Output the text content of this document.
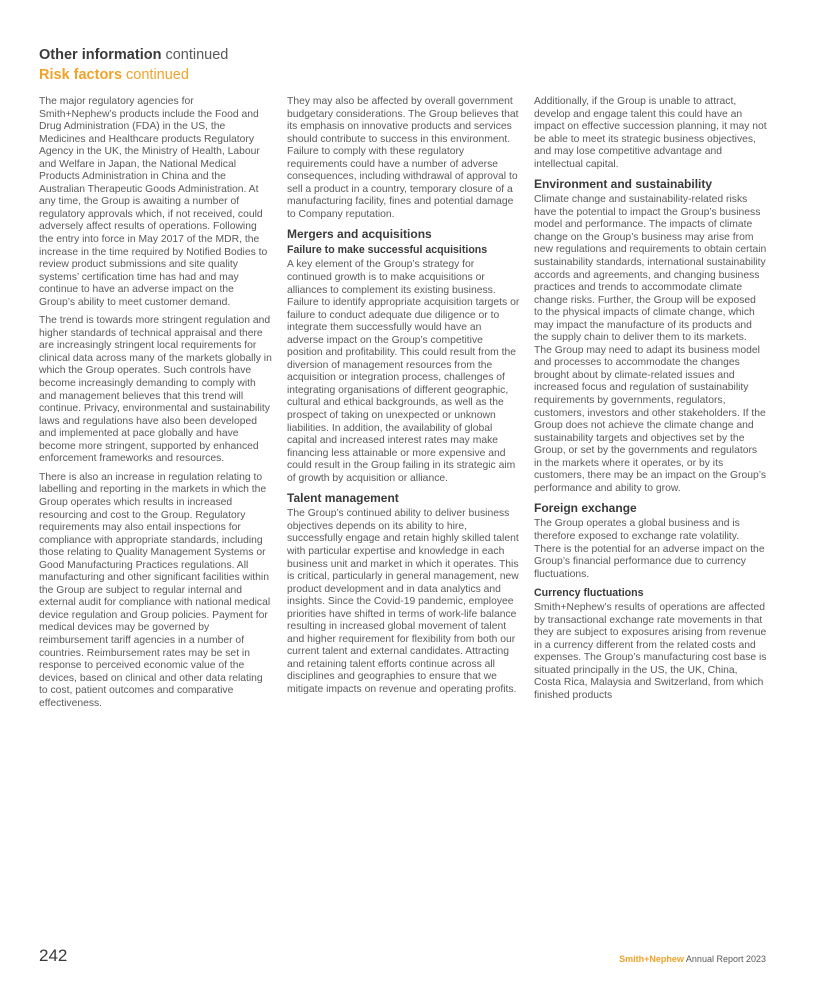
Other information continued
Risk factors continued

The major regulatory agencies for Smith+Nephew’s products include the Food and Drug Administration (FDA) in the US, the Medicines and Healthcare products Regulatory Agency in the UK, the Ministry of Health, Labour and Welfare in Japan, the National Medical Products Administration in China and the Australian Therapeutic Goods Administration. At any time, the Group is awaiting a number of regulatory approvals which, if not received, could adversely affect results of operations. Following the entry into force in May 2017 of the MDR, the increase in the time required by Notified Bodies to review product submissions and site quality systems’ certification time has had and may continue to have an adverse impact on the Group’s ability to meet customer demand.

The trend is towards more stringent regulation and higher standards of technical appraisal and there are increasingly stringent local requirements for clinical data across many of the markets globally in which the Group operates. Such controls have become increasingly demanding to comply with and management believes that this trend will continue. Privacy, environmental and sustainability laws and regulations have also been developed and implemented at pace globally and have become more stringent, supported by enhanced enforcement frameworks and resources.

There is also an increase in regulation relating to labelling and reporting in the markets in which the Group operates which results in increased resourcing and cost to the Group. Regulatory requirements may also entail inspections for compliance with appropriate standards, including those relating to Quality Management Systems or Good Manufacturing Practices regulations. All manufacturing and other significant facilities within the Group are subject to regular internal and external audit for compliance with national medical device regulation and Group policies. Payment for medical devices may be governed by reimbursement tariff agencies in a number of countries. Reimbursement rates may be set in response to perceived economic value of the devices, based on clinical and other data relating to cost, patient outcomes and comparative effectiveness.

They may also be affected by overall government budgetary considerations. The Group believes that its emphasis on innovative products and services should contribute to success in this environment. Failure to comply with these regulatory requirements could have a number of adverse consequences, including withdrawal of approval to sell a product in a country, temporary closure of a manufacturing facility, fines and potential damage to Company reputation.

Mergers and acquisitions
Failure to make successful acquisitions

A key element of the Group’s strategy for continued growth is to make acquisitions or alliances to complement its existing business. Failure to identify appropriate acquisition targets or failure to conduct adequate due diligence or to integrate them successfully would have an adverse impact on the Group’s competitive position and profitability. This could result from the diversion of management resources from the acquisition or integration process, challenges of integrating organisations of different geographic, cultural and ethical backgrounds, as well as the prospect of taking on unexpected or unknown liabilities. In addition, the availability of global capital and increased interest rates may make financing less attainable or more expensive and could result in the Group failing in its strategic aim of growth by acquisition or alliance.

Talent management

The Group’s continued ability to deliver business objectives depends on its ability to hire, successfully engage and retain highly skilled talent with particular expertise and knowledge in each business unit and market in which it operates. This is critical, particularly in general management, new product development and in data analytics and insights. Since the Covid-19 pandemic, employee priorities have shifted in terms of work-life balance resulting in increased global movement of talent and higher requirement for flexibility from both our current talent and external candidates. Attracting and retaining talent efforts continue across all disciplines and geographies to ensure that we mitigate impacts on revenue and operating profits.

Additionally, if the Group is unable to attract, develop and engage talent this could have an impact on effective succession planning, it may not be able to meet its strategic business objectives, and may lose competitive advantage and intellectual capital.

Environment and sustainability

Climate change and sustainability-related risks have the potential to impact the Group’s business model and performance. The impacts of climate change on the Group’s business may arise from new regulations and requirements to obtain certain sustainability standards, international sustainability accords and agreements, and changing business practices and trends to accommodate climate change risks. Further, the Group will be exposed to the physical impacts of climate change, which may impact the manufacture of its products and the supply chain to deliver them to its markets. The Group may need to adapt its business model and processes to accommodate the changes brought about by climate-related issues and increased focus and regulation of sustainability requirements by governments, regulators, customers, investors and other stakeholders. If the Group does not achieve the climate change and sustainability targets and objectives set by the Group, or set by the governments and regulators in the markets where it operates, or by its customers, there may be an impact on the Group’s performance and ability to grow.

Foreign exchange

The Group operates a global business and is therefore exposed to exchange rate volatility. There is the potential for an adverse impact on the Group’s financial performance due to currency fluctuations.

Currency fluctuations

Smith+Nephew’s results of operations are affected by transactional exchange rate movements in that they are subject to exposures arising from revenue in a currency different from the related costs and expenses. The Group’s manufacturing cost base is situated principally in the US, the UK, China, Costa Rica, Malaysia and Switzerland, from which finished products

242	Smith+Nephew Annual Report 2023
